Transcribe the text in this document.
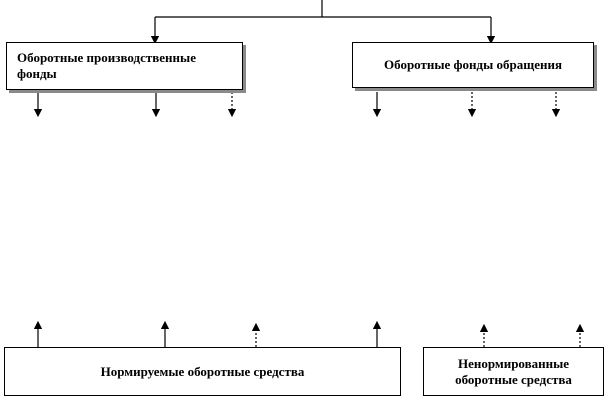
Оборотные производственные фонды
Оборотные фонды обращения
Нормируемые оборотные средства
Ненормированные оборотные средства
